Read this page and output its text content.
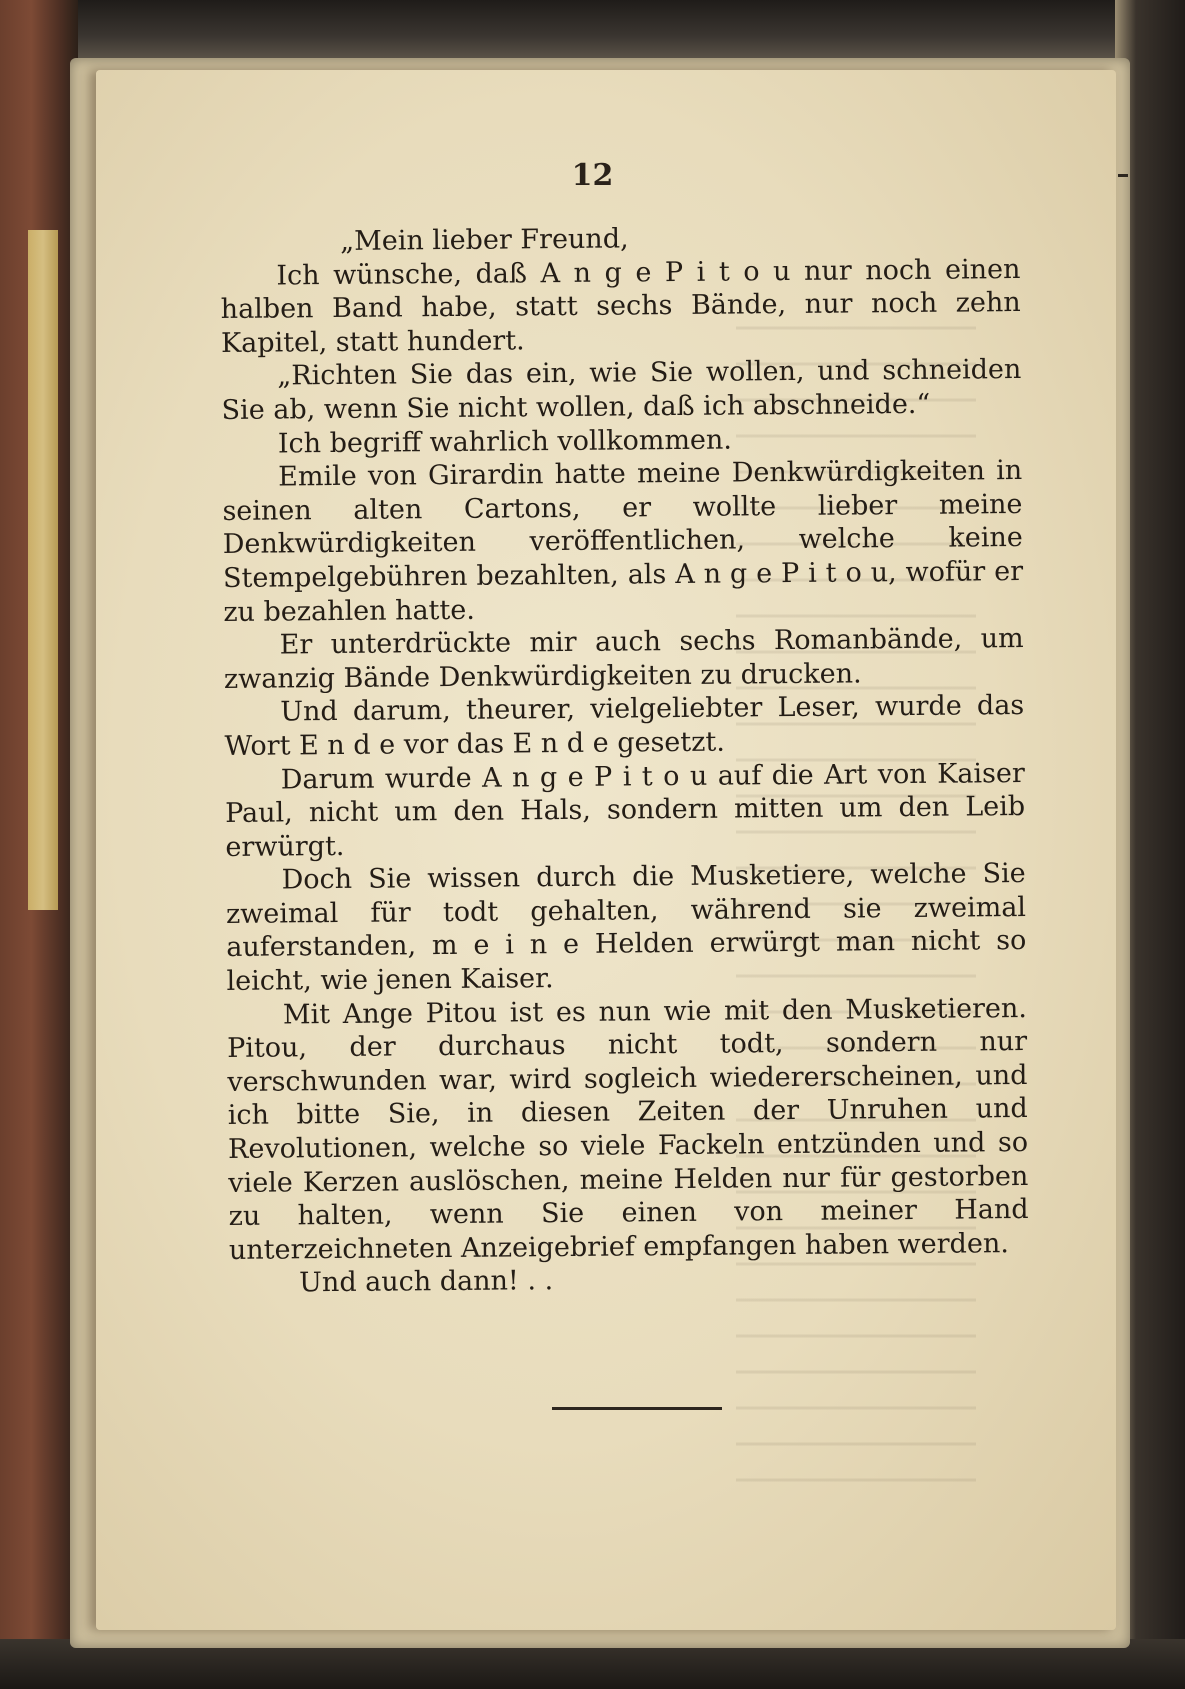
12

„Mein lieber Freund,

Ich wünsche, daß A n g e P i t o u nur noch einen halben Band habe, statt sechs Bände, nur noch zehn Kapitel, statt hundert.

„Richten Sie das ein, wie Sie wollen, und schneiden Sie ab, wenn Sie nicht wollen, daß ich abschneide.“

Ich begriff wahrlich vollkommen.

Emile von Girardin hatte meine Denkwürdigkeiten in seinen alten Cartons, er wollte lieber meine Denkwürdigkeiten veröffentlichen, welche keine Stempelgebühren bezahlten, als A n g e P i t o u, wofür er zu bezahlen hatte.

Er unterdrückte mir auch sechs Romanbände, um zwanzig Bände Denkwürdigkeiten zu drucken.

Und darum, theurer, vielgeliebter Leser, wurde das Wort E n d e vor das E n d e gesetzt.

Darum wurde A n g e P i t o u auf die Art von Kaiser Paul, nicht um den Hals, sondern mitten um den Leib erwürgt.

Doch Sie wissen durch die Musketiere, welche Sie zweimal für todt gehalten, während sie zweimal auferstanden, m e i n e Helden erwürgt man nicht so leicht, wie jenen Kaiser.

Mit Ange Pitou ist es nun wie mit den Musketieren. Pitou, der durchaus nicht todt, sondern nur verschwunden war, wird sogleich wiedererscheinen, und ich bitte Sie, in diesen Zeiten der Unruhen und Revolutionen, welche so viele Fackeln entzünden und so viele Kerzen auslöschen, meine Helden nur für gestorben zu halten, wenn Sie einen von meiner Hand unterzeichneten Anzeigebrief empfangen haben werden.

Und auch dann! . .
